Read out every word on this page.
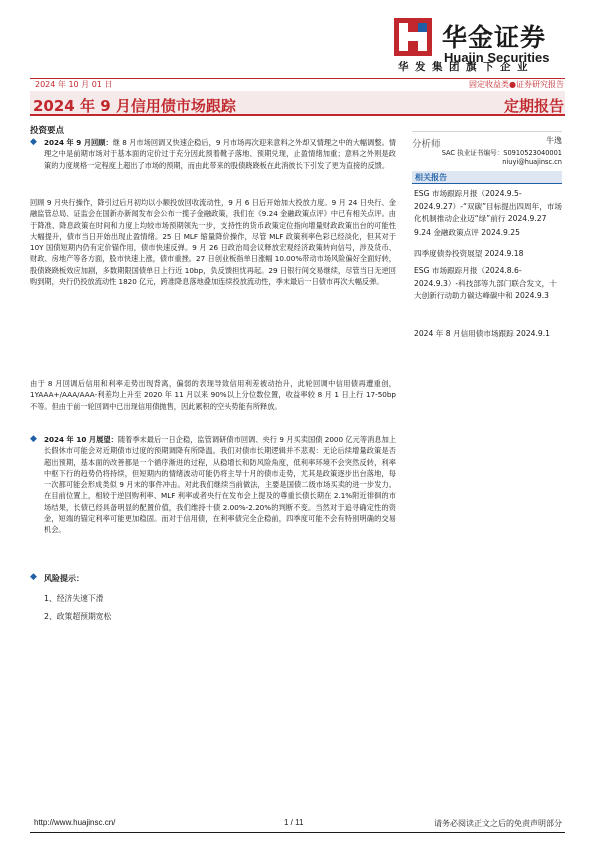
华金证券
Huajin Securities
华发集团旗下企业
2024 年 10 月 01 日	固定收益类●证券研究报告
2024 年 9 月信用债市场跟踪	定期报告
投资要点
◆ 2024 年 9 月回顾：继 8 月市场回调又快速企稳后，9 月市场再次迎来意料之外却又情理之中的大幅调整。情理之中是前期市场对于基本面的定价过于充分因此预着靴子落地、预期兑现，止盈情绪加重；意料之外则是政策的力度规格一定程度上超出了市场的预期，而由此带来的股债跷跷板在此消彼长下引发了更为直接的反馈。
回顾 9 月央行操作，降引过后月初均以小额投放回收流动性，9 月 6 日后开始加大投放力度。9 月 24 日央行、金融监管总局、证监会在国新办新闻发布会公布一揽子金融政策，我们在《9.24 金融政策点评》中已有相关点评。由于降准、降息政策在时间和力度上均较市场预期领先一步，支持性的货币政策定位指向增量财政政策出台的可能性大幅提升，债市当日开始出现止盈情绪。25 日 MLF 缩量降价操作，尽管 MLF 政策利率色彩已经淡化，但其对于 10Y 国债短期内仍有定价锚作用，债市快速反弹。9 月 26 日政治局会议释放宏观经济政策转向信号，涉及货币、财政、房地产等各方面，股市快速上涨，债市重挫。27 日创业板指单日涨幅 10.00%带动市场风险偏好全面好转，股债跷跷板效应加剧，多数期限国债单日上行近 10bp，负反馈担忧再起。29 日银行间交易继续，尽管当日无逆回购到期，央行仍投放流动性 1820 亿元，跨准降息落地叠加连续投放流动性，季末最后一日债市再次大幅反弹。
由于 8 月回调后信用和利率走势出现背离，偏弱的表现导致信用利差被动抬升，此轮回调中信用债再遭重创，1YAAA+/AAA/AAA-利差均上升至 2020 年 11 月以来 90%以上分位数位置，收益率较 8 月 1 日上行 17-50bp 不等。但由于前一轮回调中已出现信用债抛售，因此累积的空头势能有所释放。
◆ 2024 年 10 月展望：随着季末最后一日企稳，监管调研债市回调、央行 9 月买卖国债 2000 亿元等消息加上长假休市可能会对近期债市过度的预期调降有所降温。我们对债市长期逻辑并不悲观：无论后续增量政策是否超出预期，基本面的改善都是一个循序渐进的过程，从稳增长和防风险角度，低利率环境不会突然反转，利率中枢下行的趋势仍将持续，但短期内的情绪波动可能仍将主导十月的债市走势，尤其是政策逐步出台落地，每一次都可能会形成类似 9 月末的事件冲击。对此我们继续当前做法，主要是国债二级市场买卖的进一步发力。在目前位置上，相较于逆回购利率、MLF 利率或者央行在发布会上提及的尊重长债长期在 2.1%附近徘徊的市场结果，长债已经具备明显的配置价值，我们维持十债 2.00%-2.20%的判断不变。当然对于追寻确定性的资金，短端的锚定利率可能更加稳固。而对于信用债，在利率债完全企稳前，四季度可能不会有特别明确的交易机会。
◆ 风险提示：
1、经济失速下滑
2、政策超预期宽松
分析师	牛逸
SAC 执业证书编号：S0910523040001
niuyi@huajinsc.cn
相关报告
ESG 市场跟踪月报（2024.9.5-2024.9.27）-“双碳”目标提出四周年，市场化机制推动企业迈“绿”前行 2024.9.27
9.24 金融政策点评 2024.9.25
四季度债券投资展望 2024.9.18
ESG 市场跟踪月报（2024.8.6-2024.9.3）-科技部等九部门联合发文，十大创新行动助力碳达峰碳中和 2024.9.3
2024 年 8 月信用债市场跟踪 2024.9.1
http://www.huajinsc.cn/	1 / 11	请务必阅读正文之后的免责声明部分
